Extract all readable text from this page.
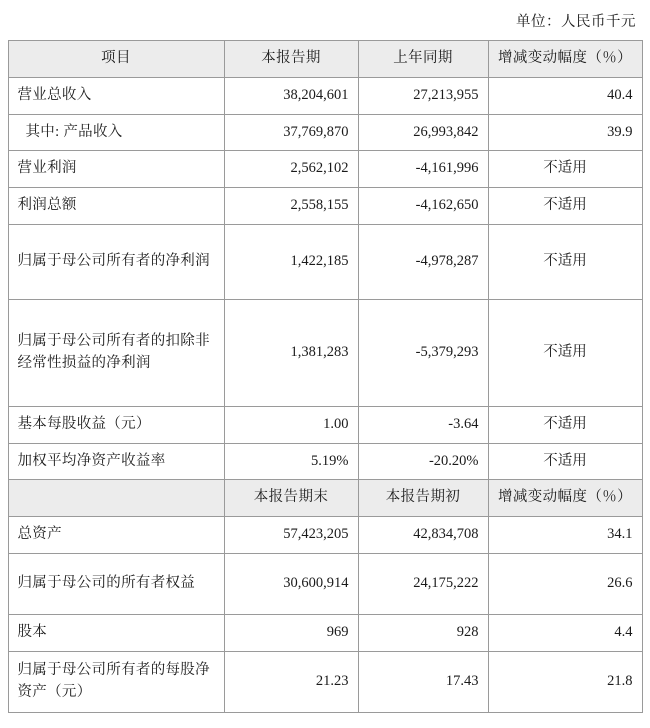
单位：人民币千元
项目	本报告期	上年同期	增减变动幅度（％）
营业总收入	38,204,601	27,213,955	40.4
其中: 产品收入	37,769,870	26,993,842	39.9
营业利润	2,562,102	-4,161,996	不适用
利润总额	2,558,155	-4,162,650	不适用
归属于母公司所有者的净利润	1,422,185	-4,978,287	不适用
归属于母公司所有者的扣除非经常性损益的净利润	1,381,283	-5,379,293	不适用
基本每股收益（元）	1.00	-3.64	不适用
加权平均净资产收益率	5.19%	-20.20%	不适用
	本报告期末	本报告期初	增减变动幅度（％）
总资产	57,423,205	42,834,708	34.1
归属于母公司的所有者权益	30,600,914	24,175,222	26.6
股本	969	928	4.4
归属于母公司所有者的每股净资产（元）	21.23	17.43	21.8
